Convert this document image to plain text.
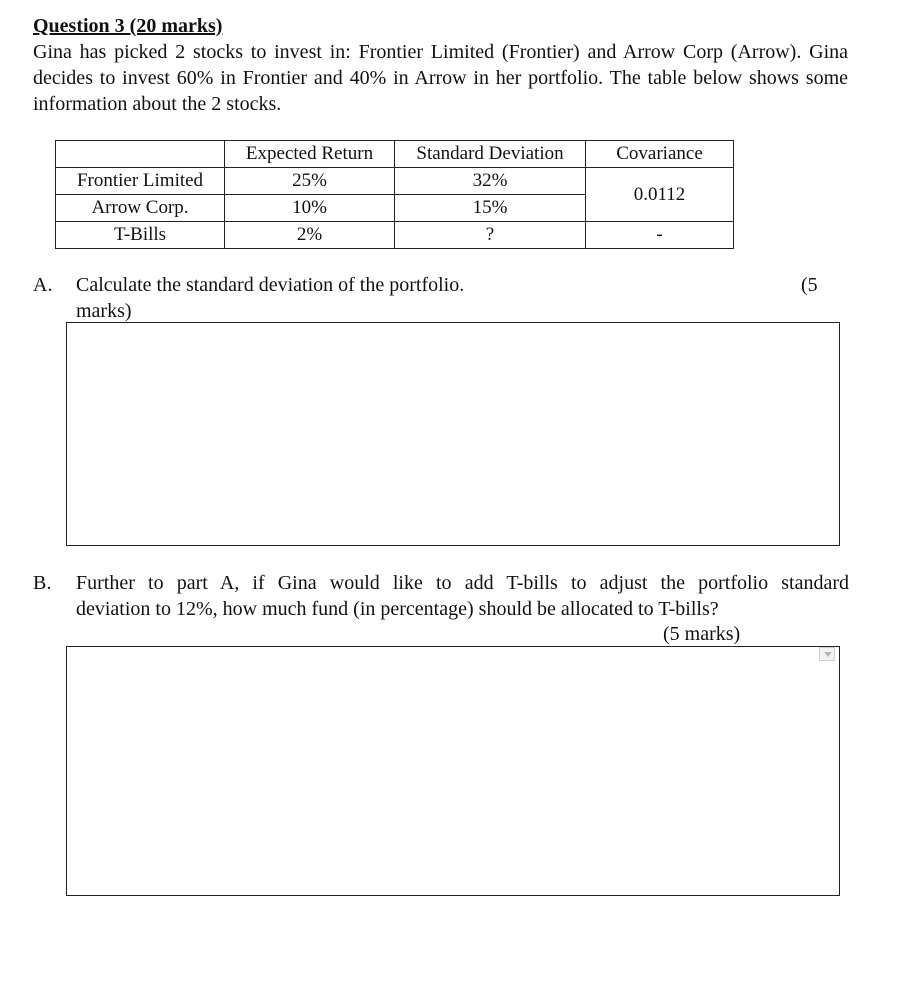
Question 3 (20 marks)
Gina has picked 2 stocks to invest in: Frontier Limited (Frontier) and Arrow Corp (Arrow). Gina decides to invest 60% in Frontier and 40% in Arrow in her portfolio. The table below shows some information about the 2 stocks.
	Expected Return	Standard Deviation	Covariance
Frontier Limited	25%	32%	0.0112
Arrow Corp.	10%	15%	
T-Bills	2%	?	-
A. Calculate the standard deviation of the portfolio.	(5
marks)
B. Further to part A, if Gina would like to add T-bills to adjust the portfolio standard
deviation to 12%, how much fund (in percentage) should be allocated to T-bills?
(5 marks)
